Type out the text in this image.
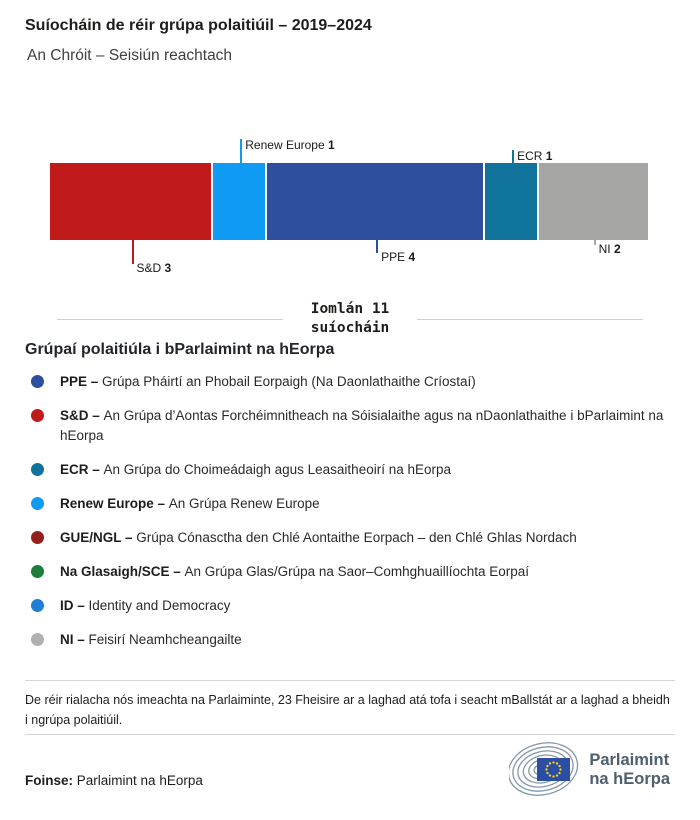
Suíocháin de réir grúpa polaitiúil – 2019–2024
An Chróit – Seisiún reachtach
S&D 3
Renew Europe 1
PPE 4
ECR 1
NI 2
Iomlán 11
suíocháin
Grúpaí polaitiúla i bParlaimint na hEorpa
PPE – Grúpa Pháirtí an Phobail Eorpaigh (Na Daonlathaithe Críostaí)
S&D – An Grúpa d’Aontas Forchéimnitheach na Sóisialaithe agus na nDaonlathaithe i bParlaimint na hEorpa
ECR – An Grúpa do Choimeádaigh agus Leasaitheoirí na hEorpa
Renew Europe – An Grúpa Renew Europe
GUE/NGL – Grúpa Cónasctha den Chlé Aontaithe Eorpach – den Chlé Ghlas Nordach
Na Glasaigh/SCE – An Grúpa Glas/Grúpa na Saor–Comhghuaillíochta Eorpaí
ID – Identity and Democracy
NI – Feisirí Neamhcheangailte

De réir rialacha nós imeachta na Parlaiminte, 23 Fheisire ar a laghad atá tofa i seacht mBallstát ar a laghad a bheidh i ngrúpa polaitiúil.

Foinse: Parlaimint na hEorpa

Parlaimint
na hEorpa
